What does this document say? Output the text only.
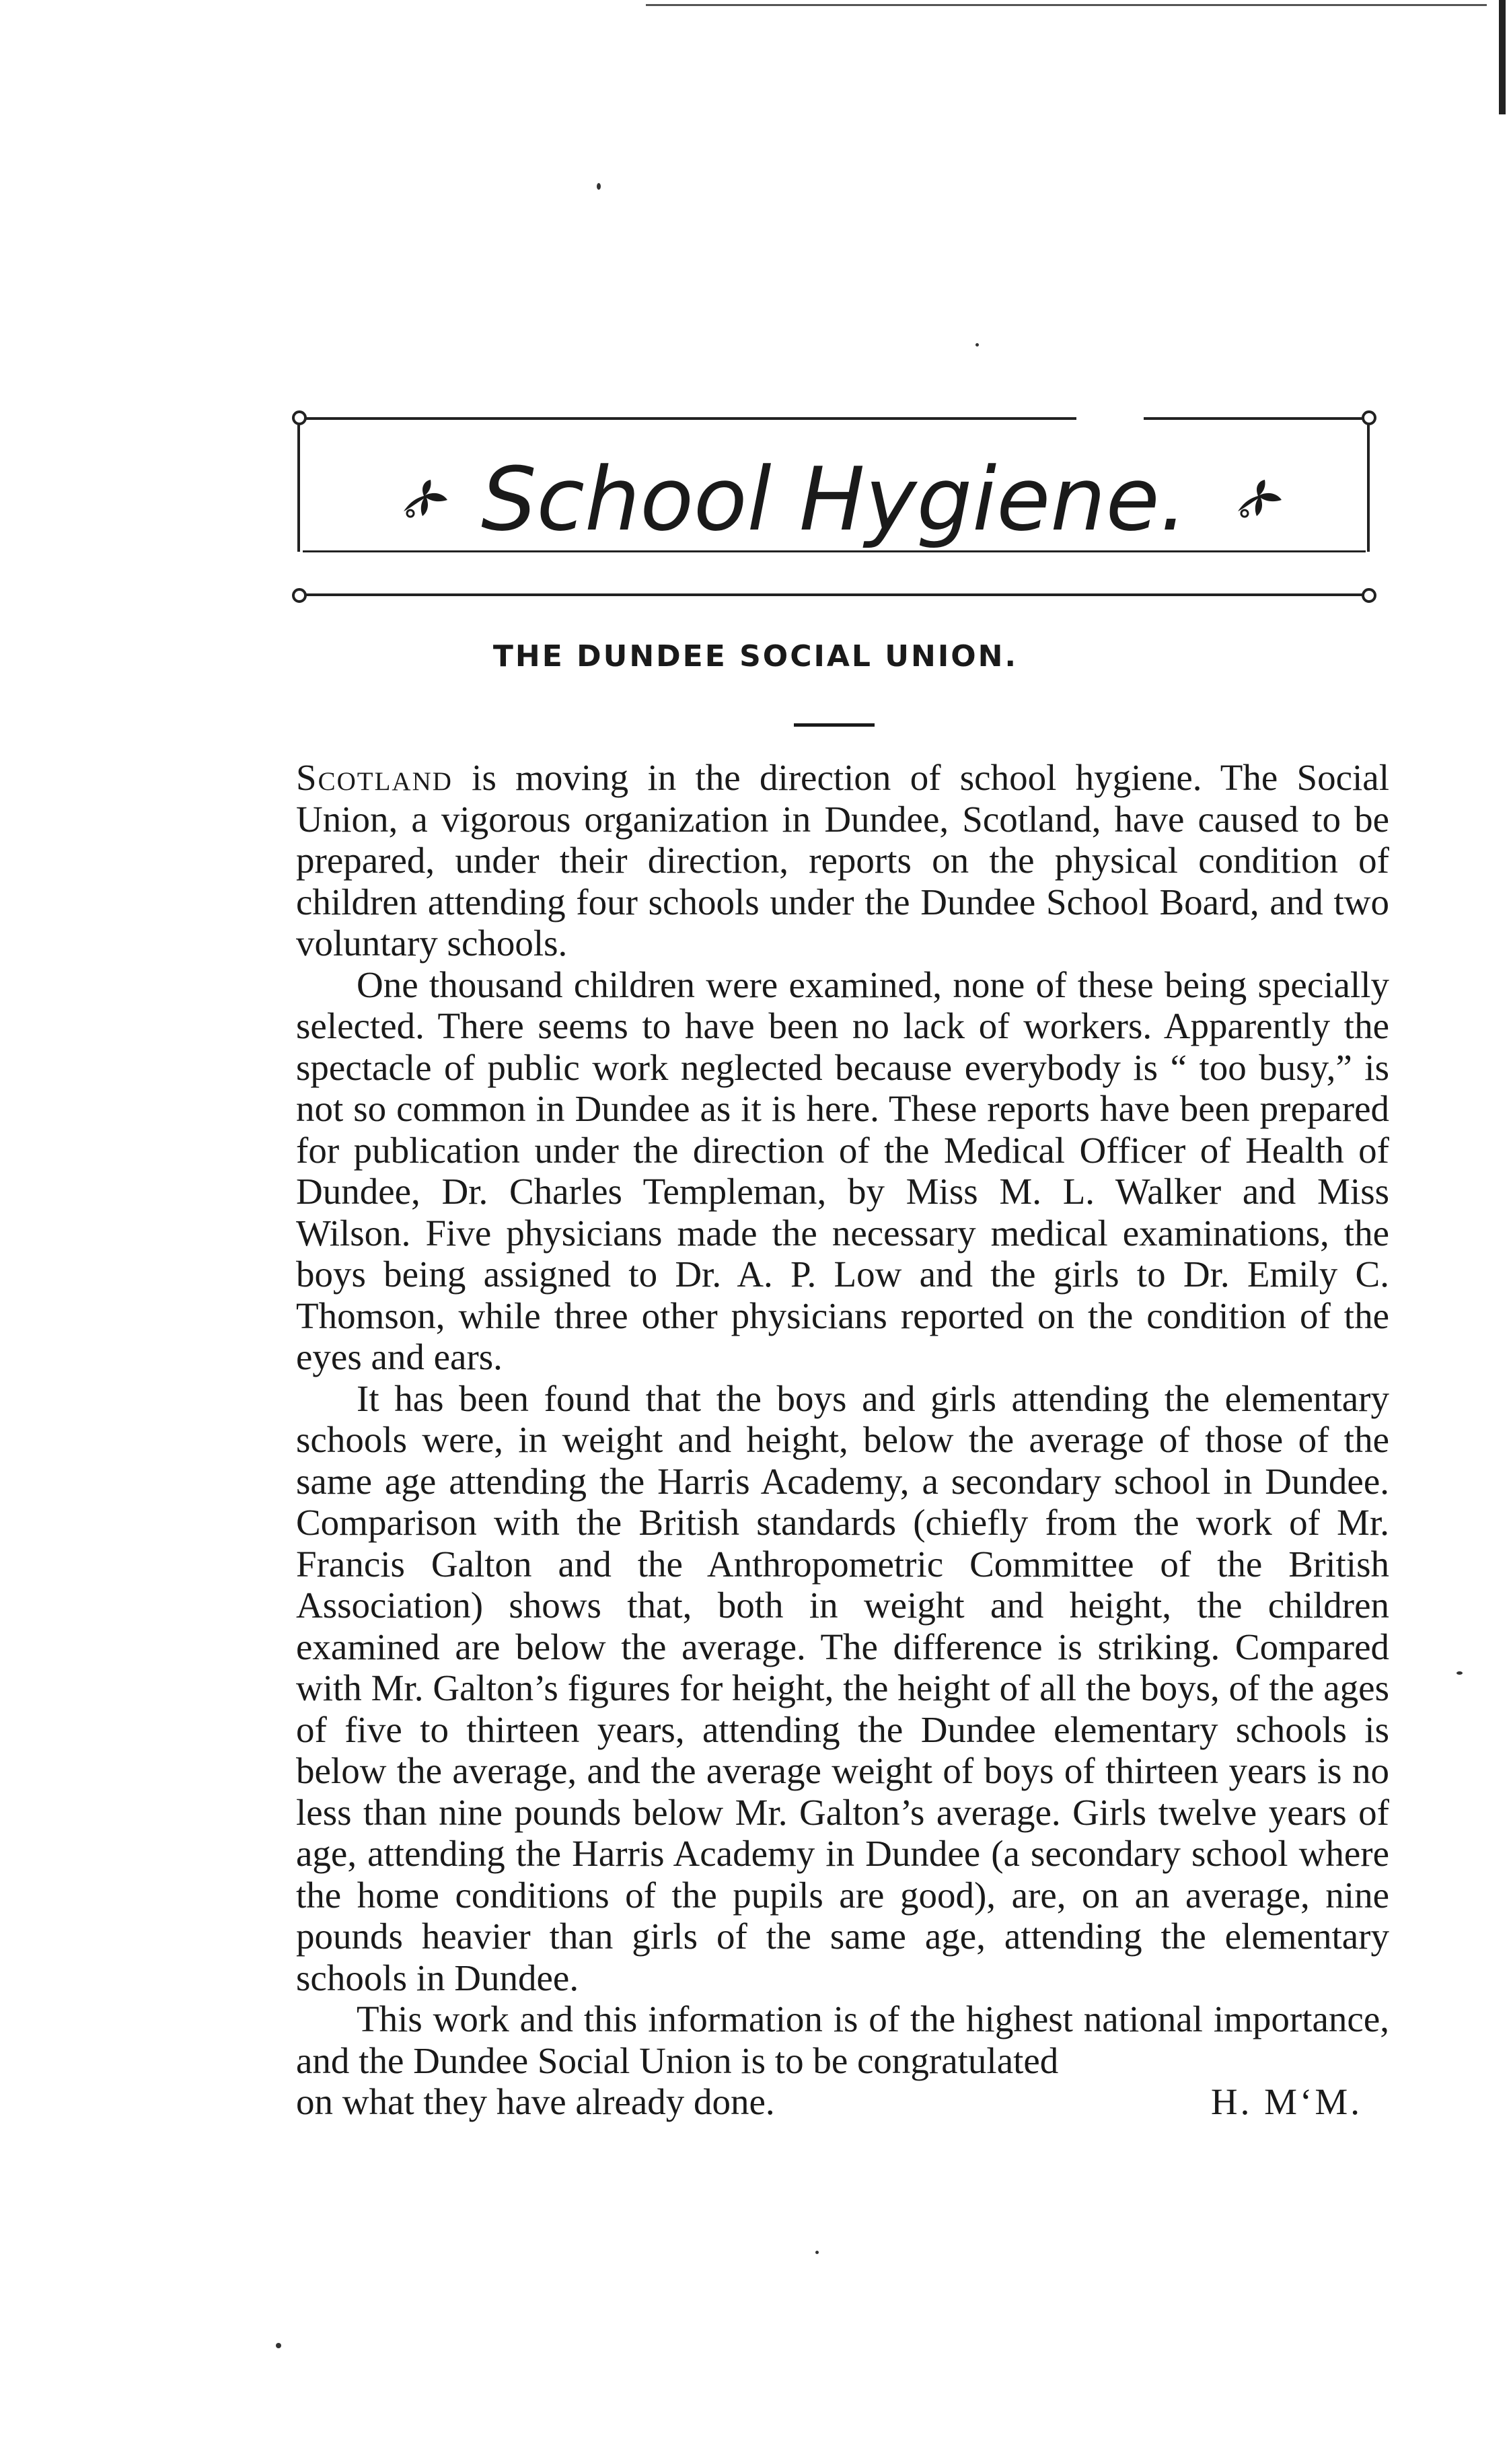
School Hygiene.
THE DUNDEE SOCIAL UNION.

Scotland is moving in the direction of school hygiene. The Social Union, a vigorous organization in Dundee, Scotland, have caused to be prepared, under their direction, reports on the physical condition of children attending four schools under the Dundee School Board, and two voluntary schools.

One thousand children were examined, none of these being specially selected. There seems to have been no lack of workers. Apparently the spectacle of public work neglected because everybody is “ too busy,” is not so common in Dundee as it is here. These reports have been prepared for publication under the direction of the Medical Officer of Health of Dundee, Dr. Charles Templeman, by Miss M. L. Walker and Miss Wilson. Five physicians made the necessary medical examinations, the boys being assigned to Dr. A. P. Low and the girls to Dr. Emily C. Thomson, while three other physicians reported on the condition of the eyes and ears.

It has been found that the boys and girls attending the elementary schools were, in weight and height, below the average of those of the same age attending the Harris Academy, a secondary school in Dundee. Comparison with the British standards (chiefly from the work of Mr. Francis Galton and the Anthropometric Committee of the British Association) shows that, both in weight and height, the children examined are below the average. The difference is striking. Compared with Mr. Galton’s figures for height, the height of all the boys, of the ages of five to thirteen years, attending the Dundee elementary schools is below the average, and the average weight of boys of thirteen years is no less than nine pounds below Mr. Galton’s average. Girls twelve years of age, attending the Harris Academy in Dundee (a secondary school where the home conditions of the pupils are good), are, on an average, nine pounds heavier than girls of the same age, attending the elementary schools in Dundee.

This work and this information is of the highest national importance, and the Dundee Social Union is to be congratulated

on what they have already done.	H. M‘M.
